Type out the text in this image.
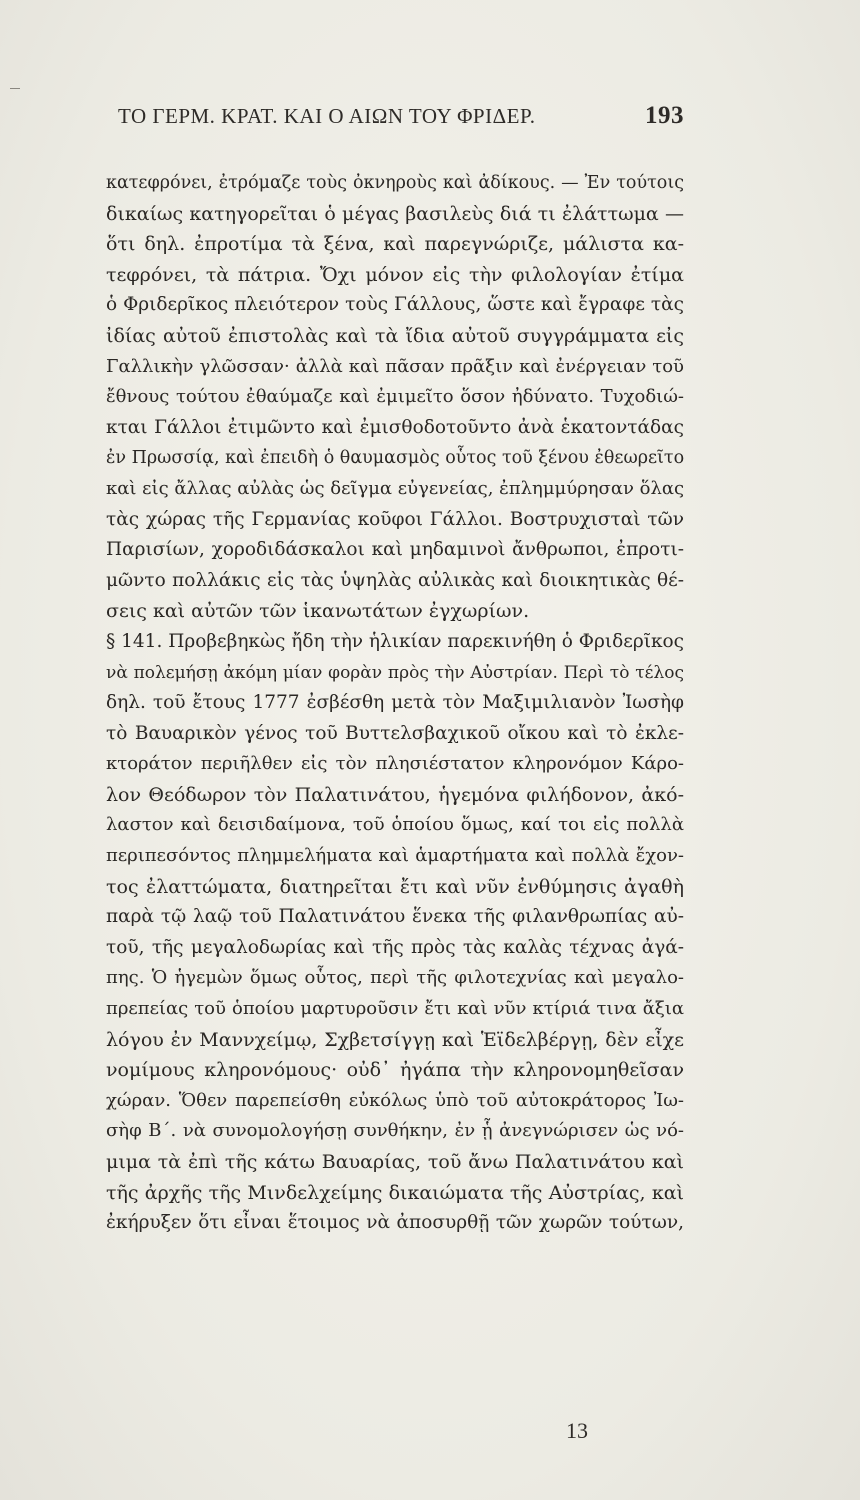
ΤΟ ΓΕΡΜ. ΚΡΑΤ. ΚΑΙ Ο ΑΙΩΝ ΤΟΥ ΦΡΙΔΕΡ.	193
κατεφρόνει, ἐτρόμαζε τοὺς ὀκνηροὺς καὶ ἀδίκους. — Ἐν τούτοις
δικαίως κατηγορεῖται ὁ μέγας βασιλεὺς διά τι ἐλάττωμα —
ὅτι δηλ. ἐπροτίμα τὰ ξένα, καὶ παρεγνώριζε, μάλιστα κα-
τεφρόνει, τὰ πάτρια. Ὄχι μόνον εἰς τὴν φιλολογίαν ἐτίμα
ὁ Φριδερῖκος πλειότερον τοὺς Γάλλους, ὥστε καὶ ἔγραφε τὰς
ἰδίας αὐτοῦ ἐπιστολὰς καὶ τὰ ἴδια αὐτοῦ συγγράμματα εἰς
Γαλλικὴν γλῶσσαν· ἀλλὰ καὶ πᾶσαν πρᾶξιν καὶ ἐνέργειαν τοῦ
ἔθνους τούτου ἐθαύμαζε καὶ ἐμιμεῖτο ὅσον ἠδύνατο. Τυχοδιώ-
κται Γάλλοι ἐτιμῶντο καὶ ἐμισθοδοτοῦντο ἀνὰ ἑκατοντάδας
ἐν Πρωσσίᾳ, καὶ ἐπειδὴ ὁ θαυμασμὸς οὗτος τοῦ ξένου ἐθεωρεῖτο
καὶ εἰς ἄλλας αὐλὰς ὡς δεῖγμα εὐγενείας, ἐπλημμύρησαν ὅλας
τὰς χώρας τῆς Γερμανίας κοῦφοι Γάλλοι. Βοστρυχισταὶ τῶν
Παρισίων, χοροδιδάσκαλοι καὶ μηδαμινοὶ ἄνθρωποι, ἐπροτι-
μῶντο πολλάκις εἰς τὰς ὑψηλὰς αὐλικὰς καὶ διοικητικὰς θέ-
σεις καὶ αὐτῶν τῶν ἱκανωτάτων ἐγχωρίων.
§ 141. Προβεβηκὼς ἤδη τὴν ἡλικίαν παρεκινήθη ὁ Φριδερῖκος
νὰ πολεμήσῃ ἀκόμη μίαν φορὰν πρὸς τὴν Αὐστρίαν. Περὶ τὸ τέλος
δηλ. τοῦ ἔτους 1777 ἐσβέσθη μετὰ τὸν Μαξιμιλιανὸν Ἰωσὴφ
τὸ Βαυαρικὸν γένος τοῦ Βυττελσβαχικοῦ οἴκου καὶ τὸ ἐκλε-
κτοράτον περιῆλθεν εἰς τὸν πλησιέστατον κληρονόμον Κάρο-
λον Θεόδωρον τὸν Παλατινάτου, ἡγεμόνα φιλήδονον, ἀκό-
λαστον καὶ δεισιδαίμονα, τοῦ ὁποίου ὅμως, καί τοι εἰς πολλὰ
περιπεσόντος πλημμελήματα καὶ ἁμαρτήματα καὶ πολλὰ ἔχον-
τος ἐλαττώματα, διατηρεῖται ἔτι καὶ νῦν ἐνθύμησις ἀγαθὴ
παρὰ τῷ λαῷ τοῦ Παλατινάτου ἕνεκα τῆς φιλανθρωπίας αὐ-
τοῦ, τῆς μεγαλοδωρίας καὶ τῆς πρὸς τὰς καλὰς τέχνας ἀγά-
πης. Ὁ ἡγεμὼν ὅμως οὗτος, περὶ τῆς φιλοτεχνίας καὶ μεγαλο-
πρεπείας τοῦ ὁποίου μαρτυροῦσιν ἔτι καὶ νῦν κτίριά τινα ἄξια
λόγου ἐν Μαννχείμῳ, Σχβετσίγγῃ καὶ Ἑϊδελβέργῃ, δὲν εἶχε
νομίμους κληρονόμους· οὐδ᾽ ἠγάπα τὴν κληρονομηθεῖσαν
χώραν. Ὅθεν παρεπείσθη εὐκόλως ὑπὸ τοῦ αὐτοκράτορος Ἰω-
σὴφ Β΄. νὰ συνομολογήσῃ συνθήκην, ἐν ᾗ ἀνεγνώρισεν ὡς νό-
μιμα τὰ ἐπὶ τῆς κάτω Βαυαρίας, τοῦ ἄνω Παλατινάτου καὶ
τῆς ἀρχῆς τῆς Μινδελχείμης δικαιώματα τῆς Αὐστρίας, καὶ
ἐκήρυξεν ὅτι εἶναι ἕτοιμος νὰ ἀποσυρθῇ τῶν χωρῶν τούτων,
13
